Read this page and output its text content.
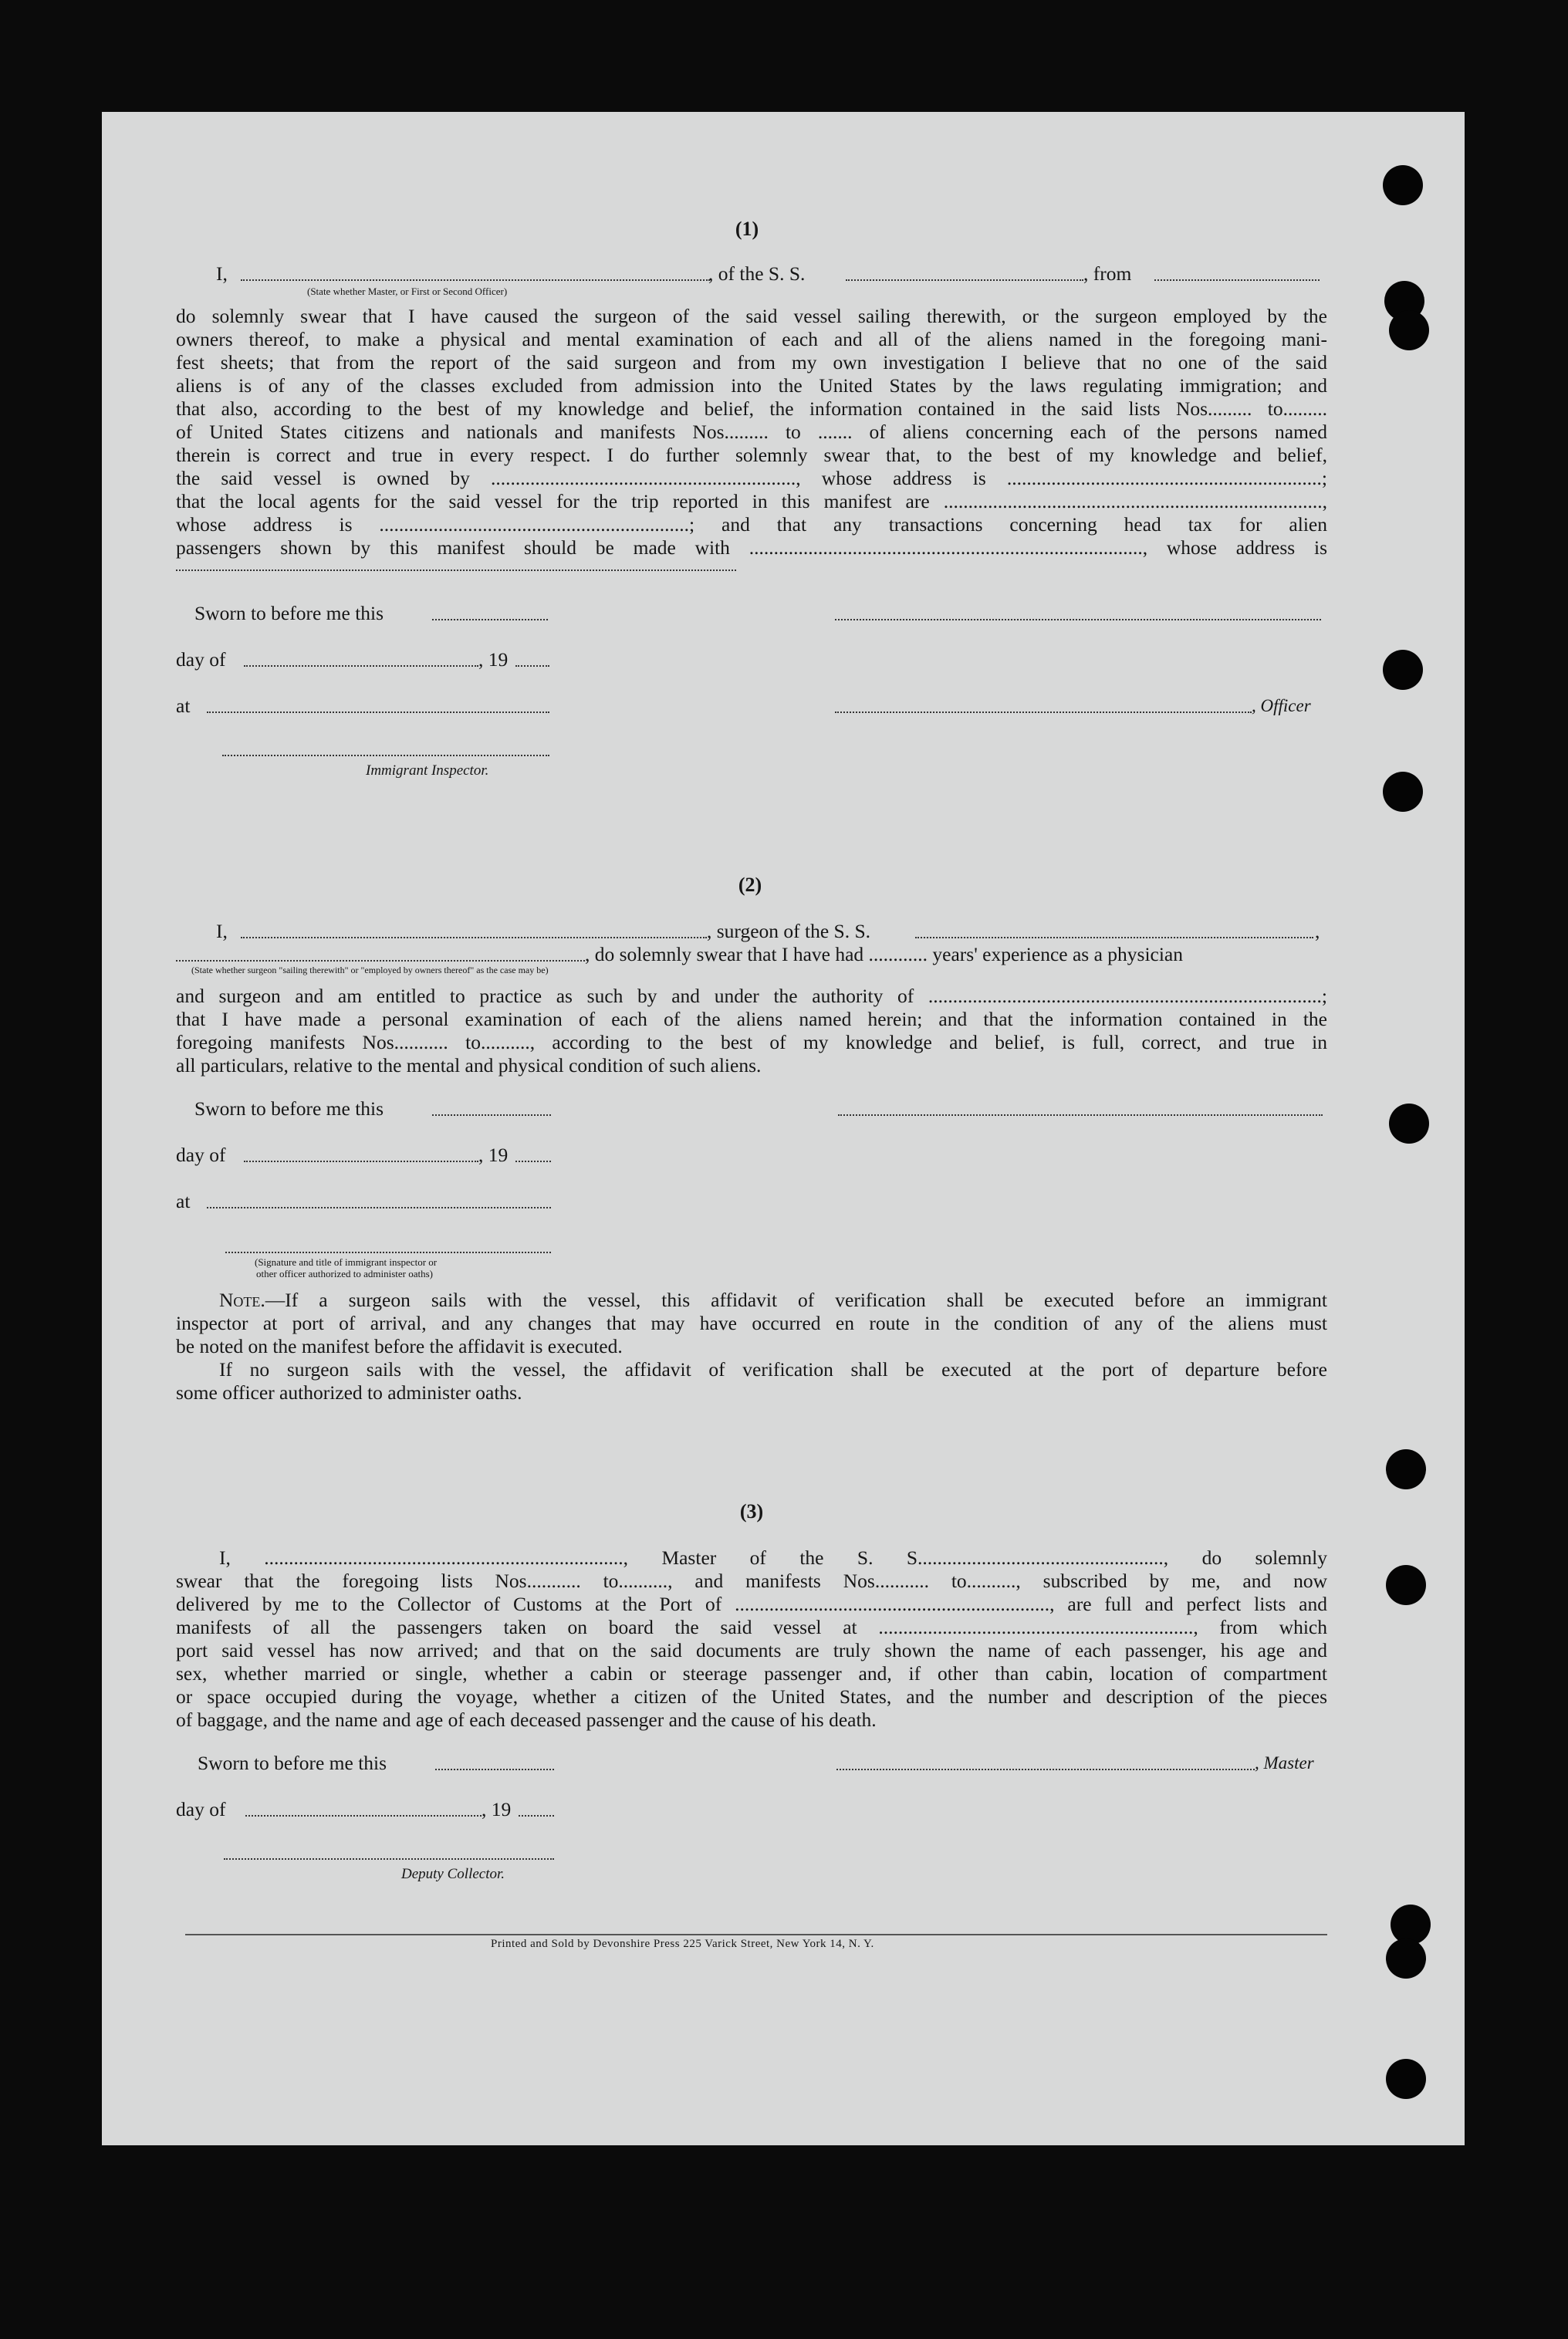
(1)
I,	, of the S. S.	, from
(State whether Master, or First or Second Officer)
do solemnly swear that I have caused the surgeon of the said vessel sailing therewith, or the surgeon employed by the
owners thereof, to make a physical and mental examination of each and all of the aliens named in the foregoing mani-
fest sheets; that from the report of the said surgeon and from my own investigation I believe that no one of the said
aliens is of any of the classes excluded from admission into the United States by the laws regulating immigration; and
that also, according to the best of my knowledge and belief, the information contained in the said lists Nos......... to.........
of United States citizens and nationals and manifests Nos......... to ....... of aliens concerning each of the persons named
therein is correct and true in every respect. I do further solemnly swear that, to the best of my knowledge and belief,
the said vessel is owned by .............................................................., whose address is ................................................................;
that the local agents for the said vessel for the trip reported in this manifest are .............................................................................,
whose address is ...............................................................; and that any transactions concerning head tax for alien
passengers shown by this manifest should be made with ................................................................................, whose address is
Sworn to before me this
day of	, 19
at	, Officer
Immigrant Inspector.
(2)
I,	, surgeon of the S. S.	,
, do solemnly swear that I have had ............ years' experience as a physician
(State whether surgeon "sailing therewith" or "employed by owners thereof" as the case may be)
and surgeon and am entitled to practice as such by and under the authority of ................................................................................;
that I have made a personal examination of each of the aliens named herein; and that the information contained in the
foregoing manifests Nos........... to.........., according to the best of my knowledge and belief, is full, correct, and true in
all particulars, relative to the mental and physical condition of such aliens.
Sworn to before me this
day of	, 19
at
(Signature and title of immigrant inspector or
other officer authorized to administer oaths)
Note.—If a surgeon sails with the vessel, this affidavit of verification shall be executed before an immigrant
inspector at port of arrival, and any changes that may have occurred en route in the condition of any of the aliens must
be noted on the manifest before the affidavit is executed.
If no surgeon sails with the vessel, the affidavit of verification shall be executed at the port of departure before
some officer authorized to administer oaths.
(3)
I, ........................................................................., Master of the S. S.................................................., do solemnly
swear that the foregoing lists Nos........... to.........., and manifests Nos........... to.........., subscribed by me, and now
delivered by me to the Collector of Customs at the Port of ................................................................, are full and perfect lists and
manifests of all the passengers taken on board the said vessel at ................................................................, from which
port said vessel has now arrived; and that on the said documents are truly shown the name of each passenger, his age and
sex, whether married or single, whether a cabin or steerage passenger and, if other than cabin, location of compartment
or space occupied during the voyage, whether a citizen of the United States, and the number and description of the pieces
of baggage, and the name and age of each deceased passenger and the cause of his death.
Sworn to before me this	, Master
day of	, 19
Deputy Collector.
Printed and Sold by Devonshire Press 225 Varick Street, New York 14, N. Y.
